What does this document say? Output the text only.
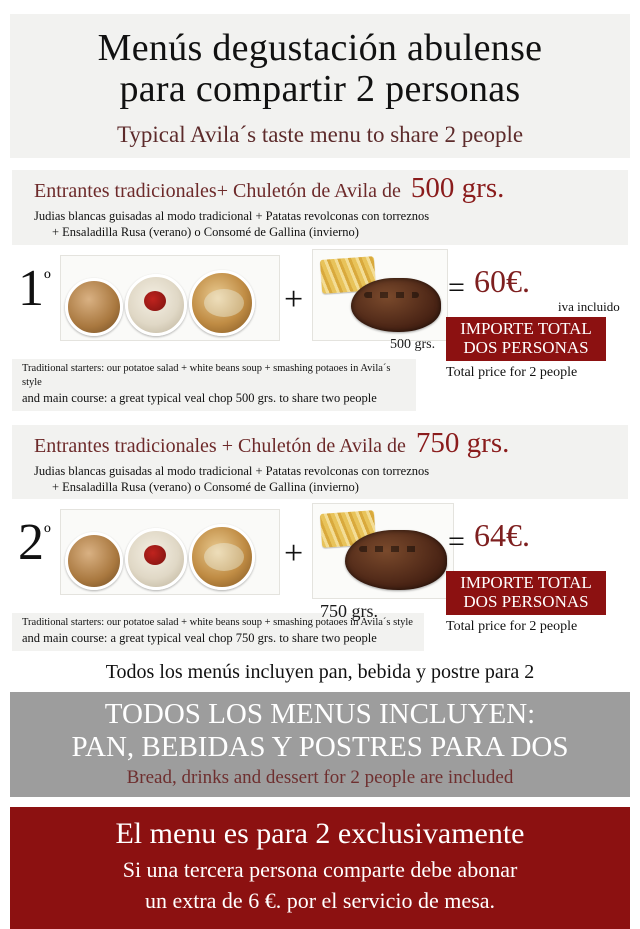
Menús degustación abulense
para compartir 2 personas
Typical Avila´s taste menu to share 2 people
Entrantes tradicionales+ Chuletón de Avila de 500 grs.
Judias blancas guisadas al modo tradicional + Patatas revolconas con torreznos
+ Ensaladilla Rusa (verano) o Consomé de Gallina (invierno)
$1^º$
+
500 grs.
= 60€.
iva incluido
IMPORTE TOTAL
DOS PERSONAS
Total price for 2 people
Traditional starters: our potatoe salad + white beans soup + smashing potaoes in Avila´s style
and main course: a great typical veal chop 500 grs. to share two people
Entrantes tradicionales + Chuletón de Avila de 750 grs.
Judias blancas guisadas al modo tradicional + Patatas revolconas con torreznos
+ Ensaladilla Rusa (verano) o Consomé de Gallina (invierno)
$2^º$
+
750 grs.
= 64€.
IMPORTE TOTAL
DOS PERSONAS
Total price for 2 people
Traditional starters: our potatoe salad + white beans soup + smashing potaoes in Avila´s style
and main course: a great typical veal chop 750 grs. to share two people
Todos los menús incluyen pan, bebida y postre para 2
TODOS LOS MENUS INCLUYEN:
PAN, BEBIDAS Y POSTRES PARA DOS
Bread, drinks and dessert for 2 people are included
El menu es para 2 exclusivamente
Si una tercera persona comparte debe abonar
un extra de 6 €. por el servicio de mesa.
